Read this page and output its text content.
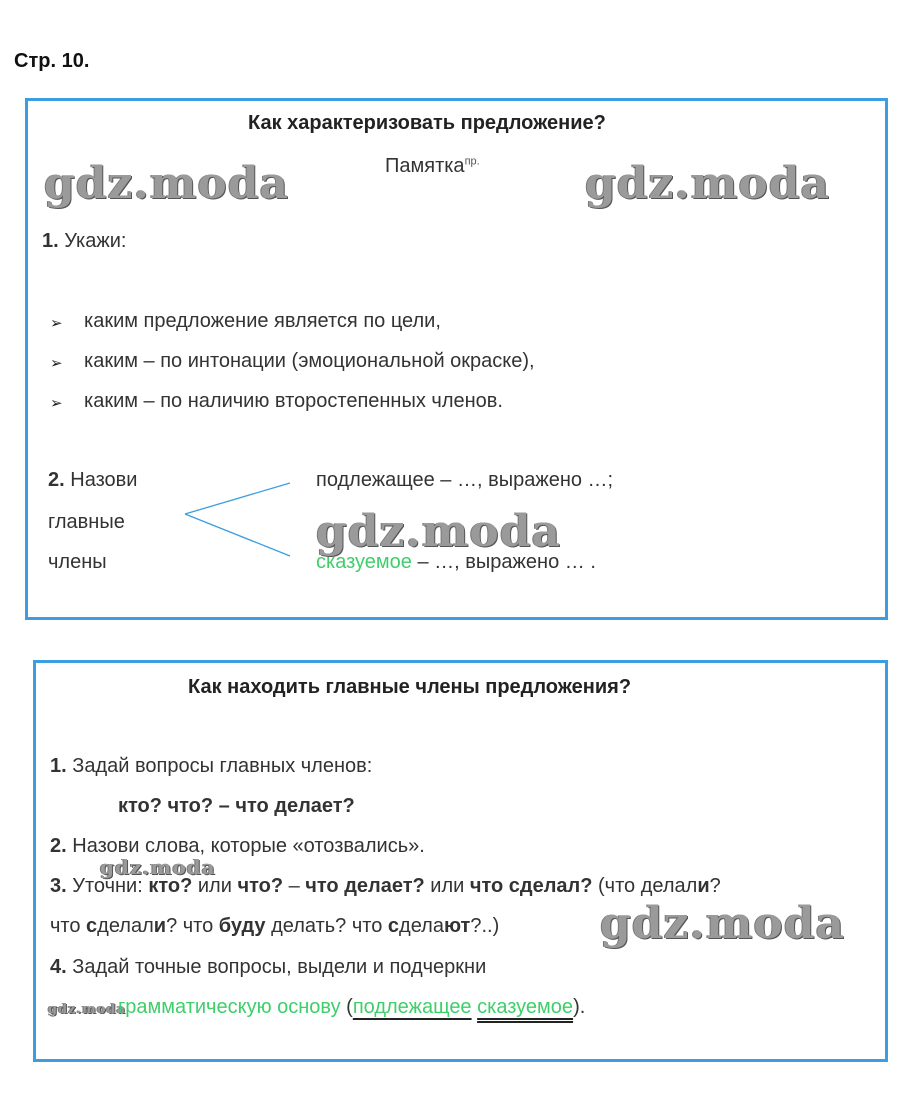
Стр. 10.
Как характеризовать предложение?
Памятка$^{пр.}$
gdz.moda	gdz.moda
1. Укажи:
➢ каким предложение является по цели,
➢ каким – по интонации (эмоциональной окраске),
➢ каким – по наличию второстепенных членов.
2. Назови
главные
члены
подлежащее – …, выражено …;
gdz.moda
сказуемое – …, выражено … .
Как находить главные члены предложения?
1. Задай вопросы главных членов:
кто? что? – что делает?
2. Назови слова, которые «отозвались».
gdz.moda
3. Уточни: кто? или что? – что делает? или что сделал? (что делали?
что сделали? что буду делать? что сделают?..) gdz.moda
4. Задай точные вопросы, выдели и подчеркни
gdz.moda
грамматическую основу (подлежащее сказуемое).
